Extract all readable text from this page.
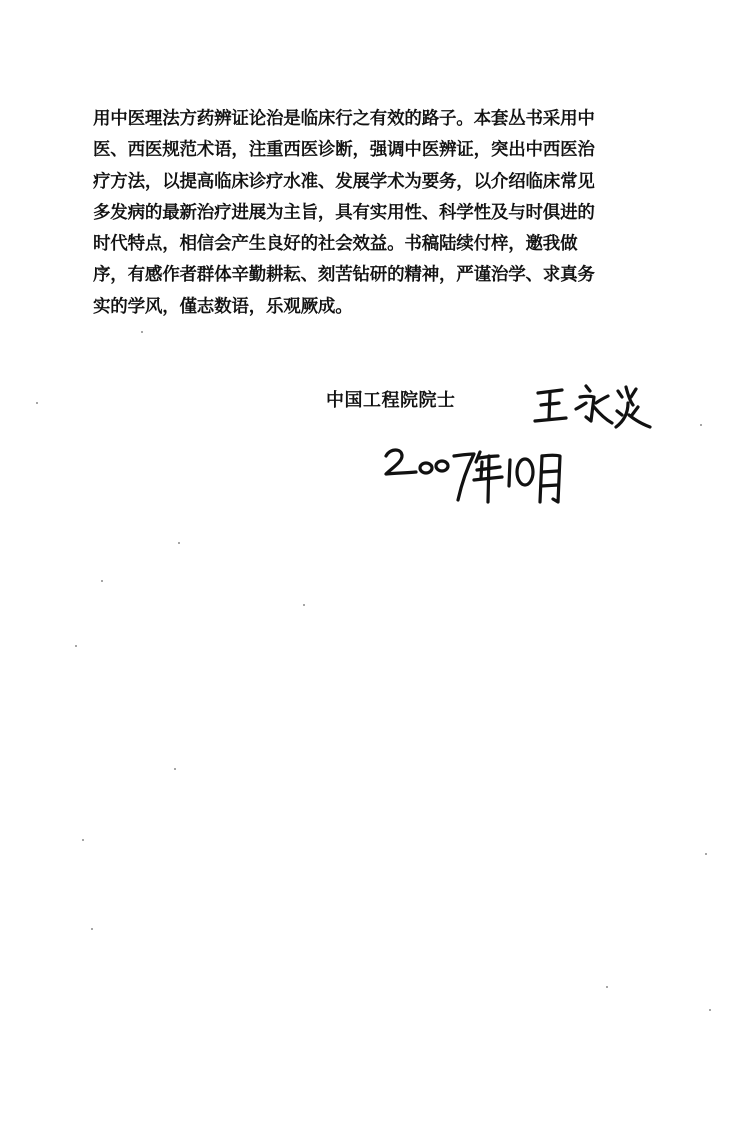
用中医理法方药辨证论治是临床行之有效的路子。本套丛书采用中
医、西医规范术语，注重西医诊断，强调中医辨证，突出中西医治
疗方法，以提高临床诊疗水准、发展学术为要务，以介绍临床常见
多发病的最新治疗进展为主旨，具有实用性、科学性及与时俱进的
时代特点，相信会产生良好的社会效益。书稿陆续付梓，邀我做
序，有感作者群体辛勤耕耘、刻苦钻研的精神，严谨治学、求真务
实的学风，僅志数语，乐观厥成。
中国工程院院士
